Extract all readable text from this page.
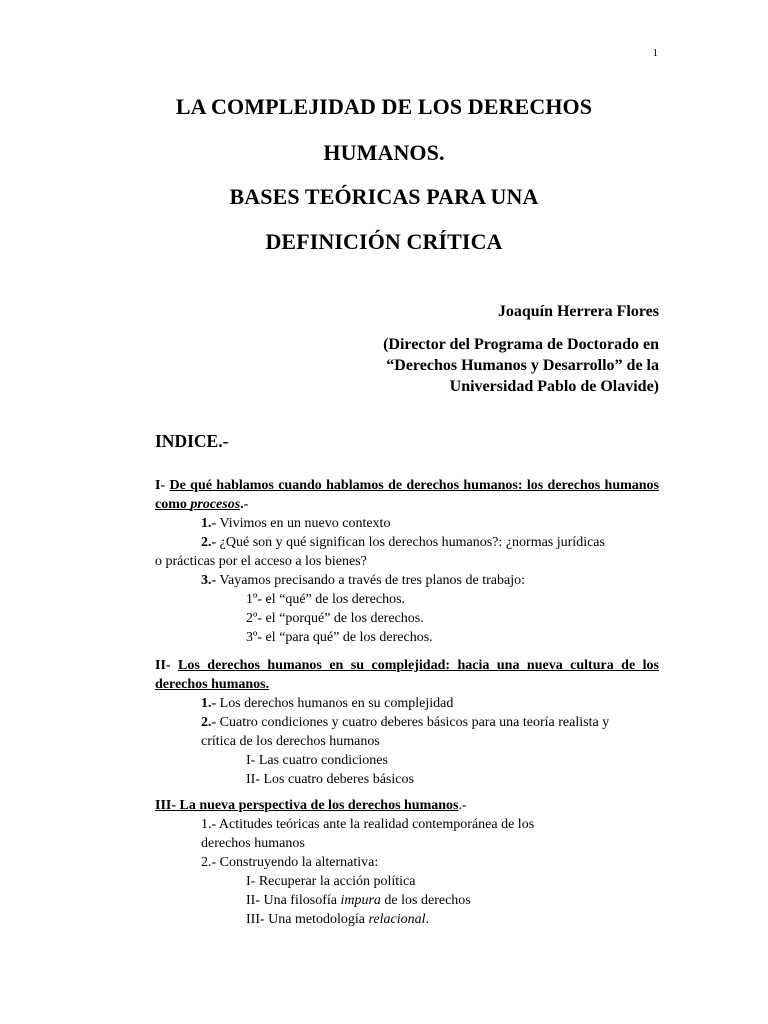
1
LA COMPLEJIDAD DE LOS DERECHOS
HUMANOS.
BASES TEÓRICAS PARA UNA
DEFINICIÓN CRÍTICA
Joaquín Herrera Flores
(Director del Programa de Doctorado en
“Derechos Humanos y Desarrollo” de la
Universidad Pablo de Olavide)
INDICE.-
I- De qué hablamos cuando hablamos de derechos humanos: los derechos humanos como procesos.-
1.- Vivimos en un nuevo contexto
2.- ¿Qué son y qué significan los derechos humanos?: ¿normas jurídicas
o prácticas por el acceso a los bienes?
3.- Vayamos precisando a través de tres planos de trabajo:
1º- el “qué” de los derechos.
2º- el “porqué” de los derechos.
3º- el “para qué” de los derechos.
II- Los derechos humanos en su complejidad: hacia una nueva cultura de los derechos humanos.
1.- Los derechos humanos en su complejidad
2.- Cuatro condiciones y cuatro deberes básicos para una teoría realista y
crítica de los derechos humanos
I- Las cuatro condiciones
II- Los cuatro deberes básicos
III- La nueva perspectiva de los derechos humanos.-
1.- Actitudes teóricas ante la realidad contemporánea de los
derechos humanos
2.- Construyendo la alternativa:
I- Recuperar la acción política
II- Una filosofía impura de los derechos
III- Una metodología relacional.
